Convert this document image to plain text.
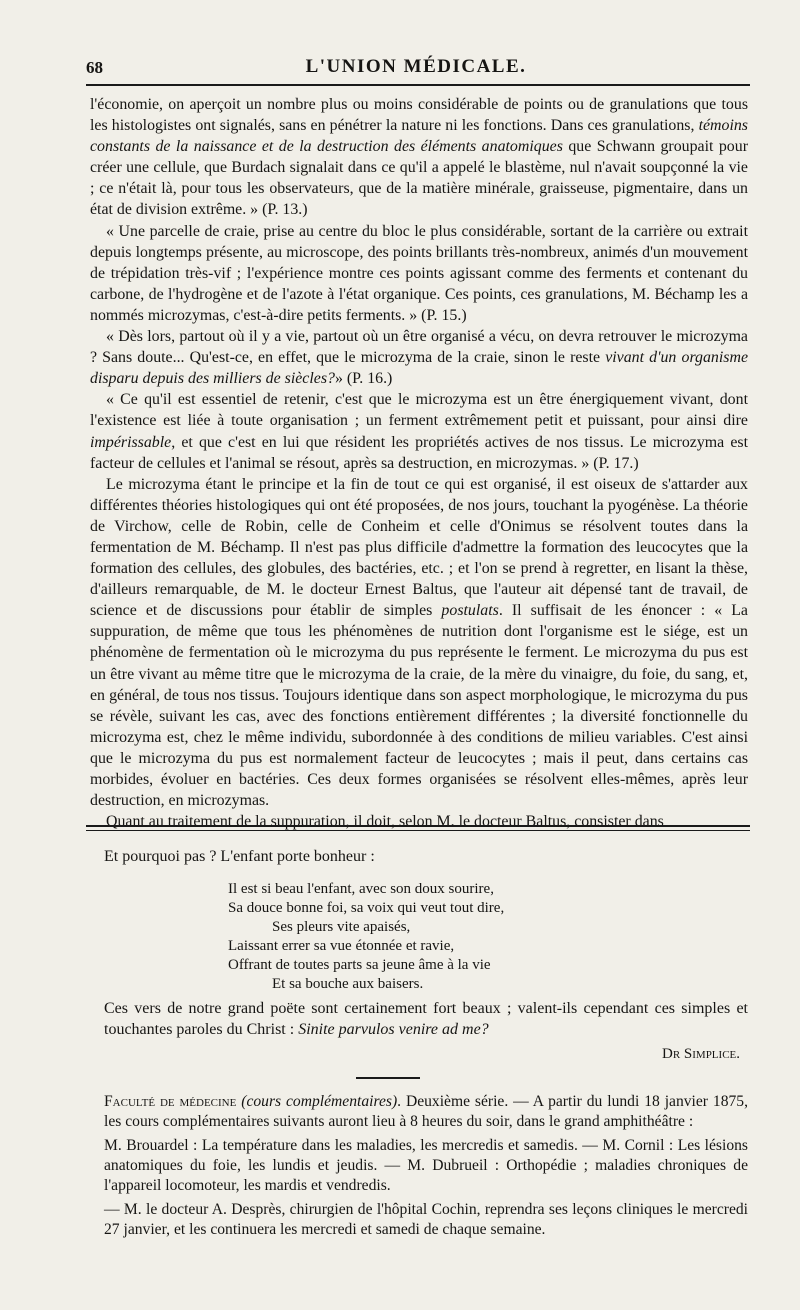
68	L'UNION MÉDICALE.

l'économie, on aperçoit un nombre plus ou moins considérable de points ou de granulations que tous les histologistes ont signalés, sans en pénétrer la nature ni les fonctions. Dans ces granulations, témoins constants de la naissance et de la destruction des éléments anatomiques que Schwann groupait pour créer une cellule, que Burdach signalait dans ce qu'il a appelé le blastème, nul n'avait soupçonné la vie ; ce n'était là, pour tous les observateurs, que de la matière minérale, graisseuse, pigmentaire, dans un état de division extrême. » (P. 13.)

« Une parcelle de craie, prise au centre du bloc le plus considérable, sortant de la carrière ou extrait depuis longtemps présente, au microscope, des points brillants très-nombreux, animés d'un mouvement de trépidation très-vif ; l'expérience montre ces points agissant comme des ferments et contenant du carbone, de l'hydrogène et de l'azote à l'état organique. Ces points, ces granulations, M. Béchamp les a nommés microzymas, c'est-à-dire petits ferments. » (P. 15.)

« Dès lors, partout où il y a vie, partout où un être organisé a vécu, on devra retrouver le microzyma ? Sans doute... Qu'est-ce, en effet, que le microzyma de la craie, sinon le reste vivant d'un organisme disparu depuis des milliers de siècles?» (P. 16.)

« Ce qu'il est essentiel de retenir, c'est que le microzyma est un être énergiquement vivant, dont l'existence est liée à toute organisation ; un ferment extrêmement petit et puissant, pour ainsi dire impérissable, et que c'est en lui que résident les propriétés actives de nos tissus. Le microzyma est facteur de cellules et l'animal se résout, après sa destruction, en microzymas. » (P. 17.)

Le microzyma étant le principe et la fin de tout ce qui est organisé, il est oiseux de s'attarder aux différentes théories histologiques qui ont été proposées, de nos jours, touchant la pyogénèse. La théorie de Virchow, celle de Robin, celle de Conheim et celle d'Onimus se résolvent toutes dans la fermentation de M. Béchamp. Il n'est pas plus difficile d'admettre la formation des leucocytes que la formation des cellules, des globules, des bactéries, etc. ; et l'on se prend à regretter, en lisant la thèse, d'ailleurs remarquable, de M. le docteur Ernest Baltus, que l'auteur ait dépensé tant de travail, de science et de discussions pour établir de simples postulats. Il suffisait de les énoncer : « La suppuration, de même que tous les phénomènes de nutrition dont l'organisme est le siége, est un phénomène de fermentation où le microzyma du pus représente le ferment. Le microzyma du pus est un être vivant au même titre que le microzyma de la craie, de la mère du vinaigre, du foie, du sang, et, en général, de tous nos tissus. Toujours identique dans son aspect morphologique, le microzyma du pus se révèle, suivant les cas, avec des fonctions entièrement différentes ; la diversité fonctionnelle du microzyma est, chez le même individu, subordonnée à des conditions de milieu variables. C'est ainsi que le microzyma du pus est normalement facteur de leucocytes ; mais il peut, dans certains cas morbides, évoluer en bactéries. Ces deux formes organisées se résolvent elles-mêmes, après leur destruction, en microzymas.

Quant au traitement de la suppuration, il doit, selon M. le docteur Baltus, consister dans

Et pourquoi pas ? L'enfant porte bonheur :

Il est si beau l'enfant, avec son doux sourire,
Sa douce bonne foi, sa voix qui veut tout dire,
Ses pleurs vite apaisés,
Laissant errer sa vue étonnée et ravie,
Offrant de toutes parts sa jeune âme à la vie
Et sa bouche aux baisers.
Ces vers de notre grand poëte sont certainement fort beaux ; valent-ils cependant ces simples et touchantes paroles du Christ : Sinite parvulos venire ad me?
Dr Simplice.

Faculté de médecine (cours complémentaires). Deuxième série. — A partir du lundi 18 janvier 1875, les cours complémentaires suivants auront lieu à 8 heures du soir, dans le grand amphithéâtre :

M. Brouardel : La température dans les maladies, les mercredis et samedis. — M. Cornil : Les lésions anatomiques du foie, les lundis et jeudis. — M. Dubrueil : Orthopédie ; maladies chroniques de l'appareil locomoteur, les mardis et vendredis.

— M. le docteur A. Desprès, chirurgien de l'hôpital Cochin, reprendra ses leçons cliniques le mercredi 27 janvier, et les continuera les mercredi et samedi de chaque semaine.
